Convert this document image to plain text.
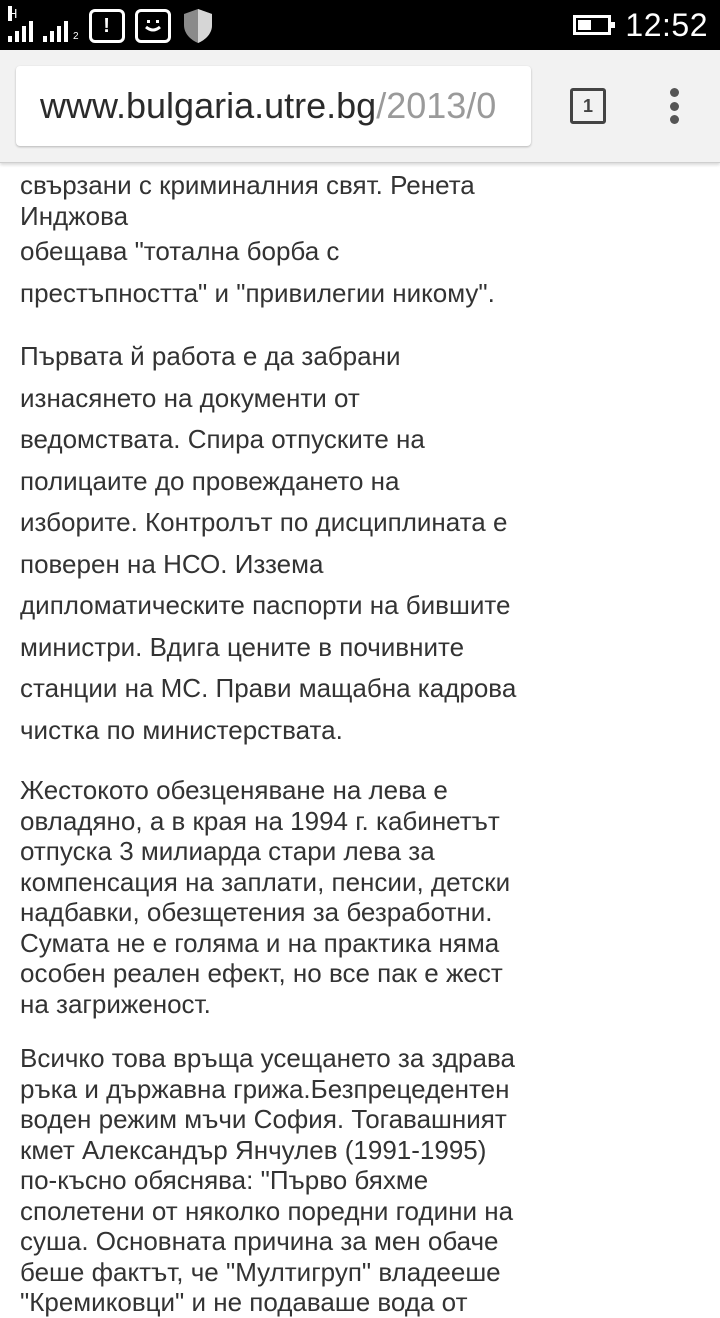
H
2	!	12:52
www.bulgaria.utre.bg/2013/0	1
свързани с криминалния свят. Ренета
Инджова
обещава "тотална борба с
престъпността" и "привилегии никому".
Първата й работа е да забрани
изнасянето на документи от
ведомствата. Спира отпуските на
полицаите до провеждането на
изборите. Контролът по дисциплината е
поверен на НСО. Иззема
дипломатическите паспорти на бившите
министри. Вдига цените в почивните
станции на МС. Прави мащабна кадрова
чистка по министерствата.
Жестокото обезценяване на лева е
овладяно, а в края на 1994 г. кабинетът
отпуска 3 милиарда стари лева за
компенсация на заплати, пенсии, детски
надбавки, обезщетения за безработни.
Сумата не е голяма и на практика няма
особен реален ефект, но все пак е жест
на загриженост.
Всичко това връща усещането за здрава
ръка и държавна грижа.Безпрецедентен
воден режим мъчи София. Тогавашният
кмет Александър Янчулев (1991-1995)
по-късно обяснява: "Първо бяхме
сполетени от няколко поредни години на
суша. Основната причина за мен обаче
беше фактът, че "Мултигруп" владееше
"Кремиковци" и не подаваше вода от
